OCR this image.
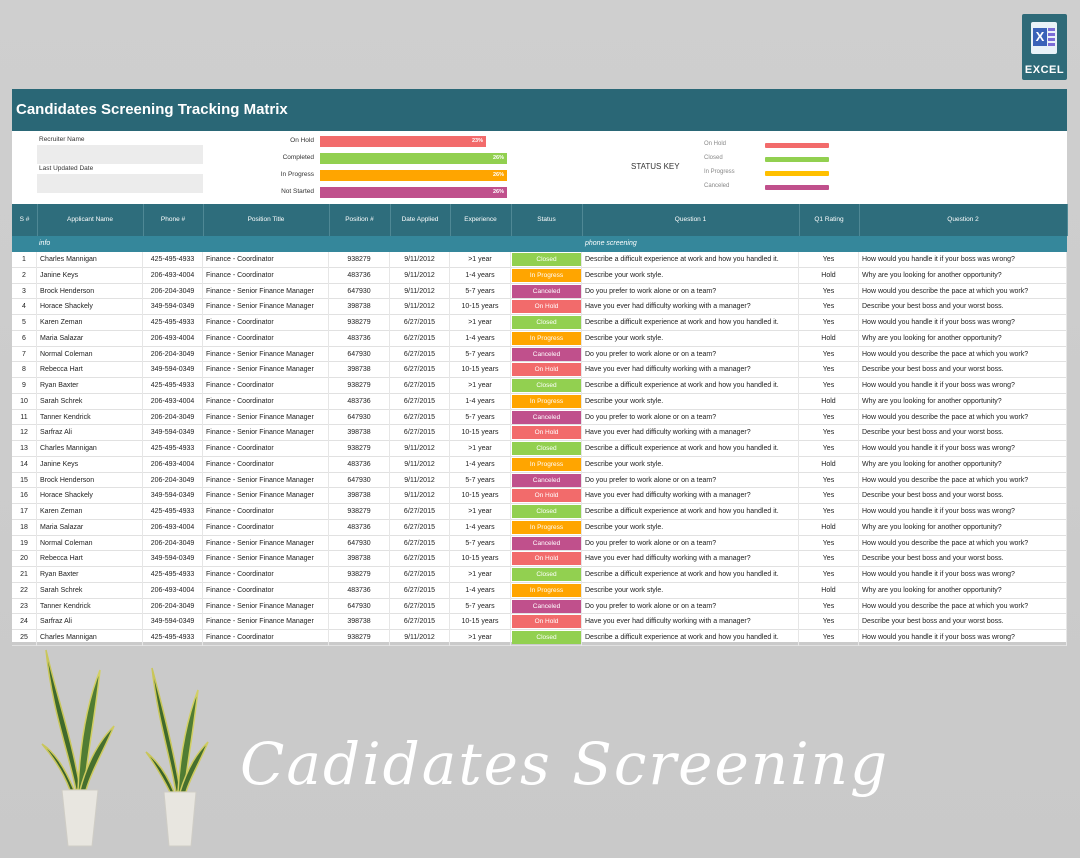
X
EXCEL
Candidates Screening Tracking Matrix
Recruiter Name
Last Updated Date
On Hold	23%
Completed	26%
In Progress	26%
Not Started	26%
STATUS KEY
On Hold
Closed
In Progress
Canceled
S #	Applicant Name	Phone #	Position Title	Position #	Date Applied	Experience	Status	Question 1	Q1 Rating	Question 2
info	phone screening
1	Charles Mannigan	425-495-4933	Finance - Coordinator	938279	9/11/2012	>1 year	Closed	Describe a difficult experience at work and how you handled it.	Yes	How would you handle it if your boss was wrong?
2	Janine Keys	206-493-4004	Finance - Coordinator	483736	9/11/2012	1-4 years	In Progress	Describe your work style.	Hold	Why are you looking for another opportunity?
3	Brock Henderson	206-204-3049	Finance - Senior Finance Manager	647930	9/11/2012	5-7 years	Canceled	Do you prefer to work alone or on a team?	Yes	How would you describe the pace at which you work?
4	Horace Shackely	349-594-0349	Finance - Senior Finance Manager	398738	9/11/2012	10-15 years	On Hold	Have you ever had difficulty working with a manager?	Yes	Describe your best boss and your worst boss.
5	Karen Zeman	425-495-4933	Finance - Coordinator	938279	6/27/2015	>1 year	Closed	Describe a difficult experience at work and how you handled it.	Yes	How would you handle it if your boss was wrong?
6	Maria Salazar	206-493-4004	Finance - Coordinator	483736	6/27/2015	1-4 years	In Progress	Describe your work style.	Hold	Why are you looking for another opportunity?
7	Normal Coleman	206-204-3049	Finance - Senior Finance Manager	647930	6/27/2015	5-7 years	Canceled	Do you prefer to work alone or on a team?	Yes	How would you describe the pace at which you work?
8	Rebecca Hart	349-594-0349	Finance - Senior Finance Manager	398738	6/27/2015	10-15 years	On Hold	Have you ever had difficulty working with a manager?	Yes	Describe your best boss and your worst boss.
9	Ryan Baxter	425-495-4933	Finance - Coordinator	938279	6/27/2015	>1 year	Closed	Describe a difficult experience at work and how you handled it.	Yes	How would you handle it if your boss was wrong?
10	Sarah Schrek	206-493-4004	Finance - Coordinator	483736	6/27/2015	1-4 years	In Progress	Describe your work style.	Hold	Why are you looking for another opportunity?
11	Tanner Kendrick	206-204-3049	Finance - Senior Finance Manager	647930	6/27/2015	5-7 years	Canceled	Do you prefer to work alone or on a team?	Yes	How would you describe the pace at which you work?
12	Sarfraz Ali	349-594-0349	Finance - Senior Finance Manager	398738	6/27/2015	10-15 years	On Hold	Have you ever had difficulty working with a manager?	Yes	Describe your best boss and your worst boss.
13	Charles Mannigan	425-495-4933	Finance - Coordinator	938279	9/11/2012	>1 year	Closed	Describe a difficult experience at work and how you handled it.	Yes	How would you handle it if your boss was wrong?
14	Janine Keys	206-493-4004	Finance - Coordinator	483736	9/11/2012	1-4 years	In Progress	Describe your work style.	Hold	Why are you looking for another opportunity?
15	Brock Henderson	206-204-3049	Finance - Senior Finance Manager	647930	9/11/2012	5-7 years	Canceled	Do you prefer to work alone or on a team?	Yes	How would you describe the pace at which you work?
16	Horace Shackely	349-594-0349	Finance - Senior Finance Manager	398738	9/11/2012	10-15 years	On Hold	Have you ever had difficulty working with a manager?	Yes	Describe your best boss and your worst boss.
17	Karen Zeman	425-495-4933	Finance - Coordinator	938279	6/27/2015	>1 year	Closed	Describe a difficult experience at work and how you handled it.	Yes	How would you handle it if your boss was wrong?
18	Maria Salazar	206-493-4004	Finance - Coordinator	483736	6/27/2015	1-4 years	In Progress	Describe your work style.	Hold	Why are you looking for another opportunity?
19	Normal Coleman	206-204-3049	Finance - Senior Finance Manager	647930	6/27/2015	5-7 years	Canceled	Do you prefer to work alone or on a team?	Yes	How would you describe the pace at which you work?
20	Rebecca Hart	349-594-0349	Finance - Senior Finance Manager	398738	6/27/2015	10-15 years	On Hold	Have you ever had difficulty working with a manager?	Yes	Describe your best boss and your worst boss.
21	Ryan Baxter	425-495-4933	Finance - Coordinator	938279	6/27/2015	>1 year	Closed	Describe a difficult experience at work and how you handled it.	Yes	How would you handle it if your boss was wrong?
22	Sarah Schrek	206-493-4004	Finance - Coordinator	483736	6/27/2015	1-4 years	In Progress	Describe your work style.	Hold	Why are you looking for another opportunity?
23	Tanner Kendrick	206-204-3049	Finance - Senior Finance Manager	647930	6/27/2015	5-7 years	Canceled	Do you prefer to work alone or on a team?	Yes	How would you describe the pace at which you work?
24	Sarfraz Ali	349-594-0349	Finance - Senior Finance Manager	398738	6/27/2015	10-15 years	On Hold	Have you ever had difficulty working with a manager?	Yes	Describe your best boss and your worst boss.
25	Charles Mannigan	425-495-4933	Finance - Coordinator	938279	9/11/2012	>1 year	Closed	Describe a difficult experience at work and how you handled it.	Yes	How would you handle it if your boss was wrong?
Cadidates Screening
